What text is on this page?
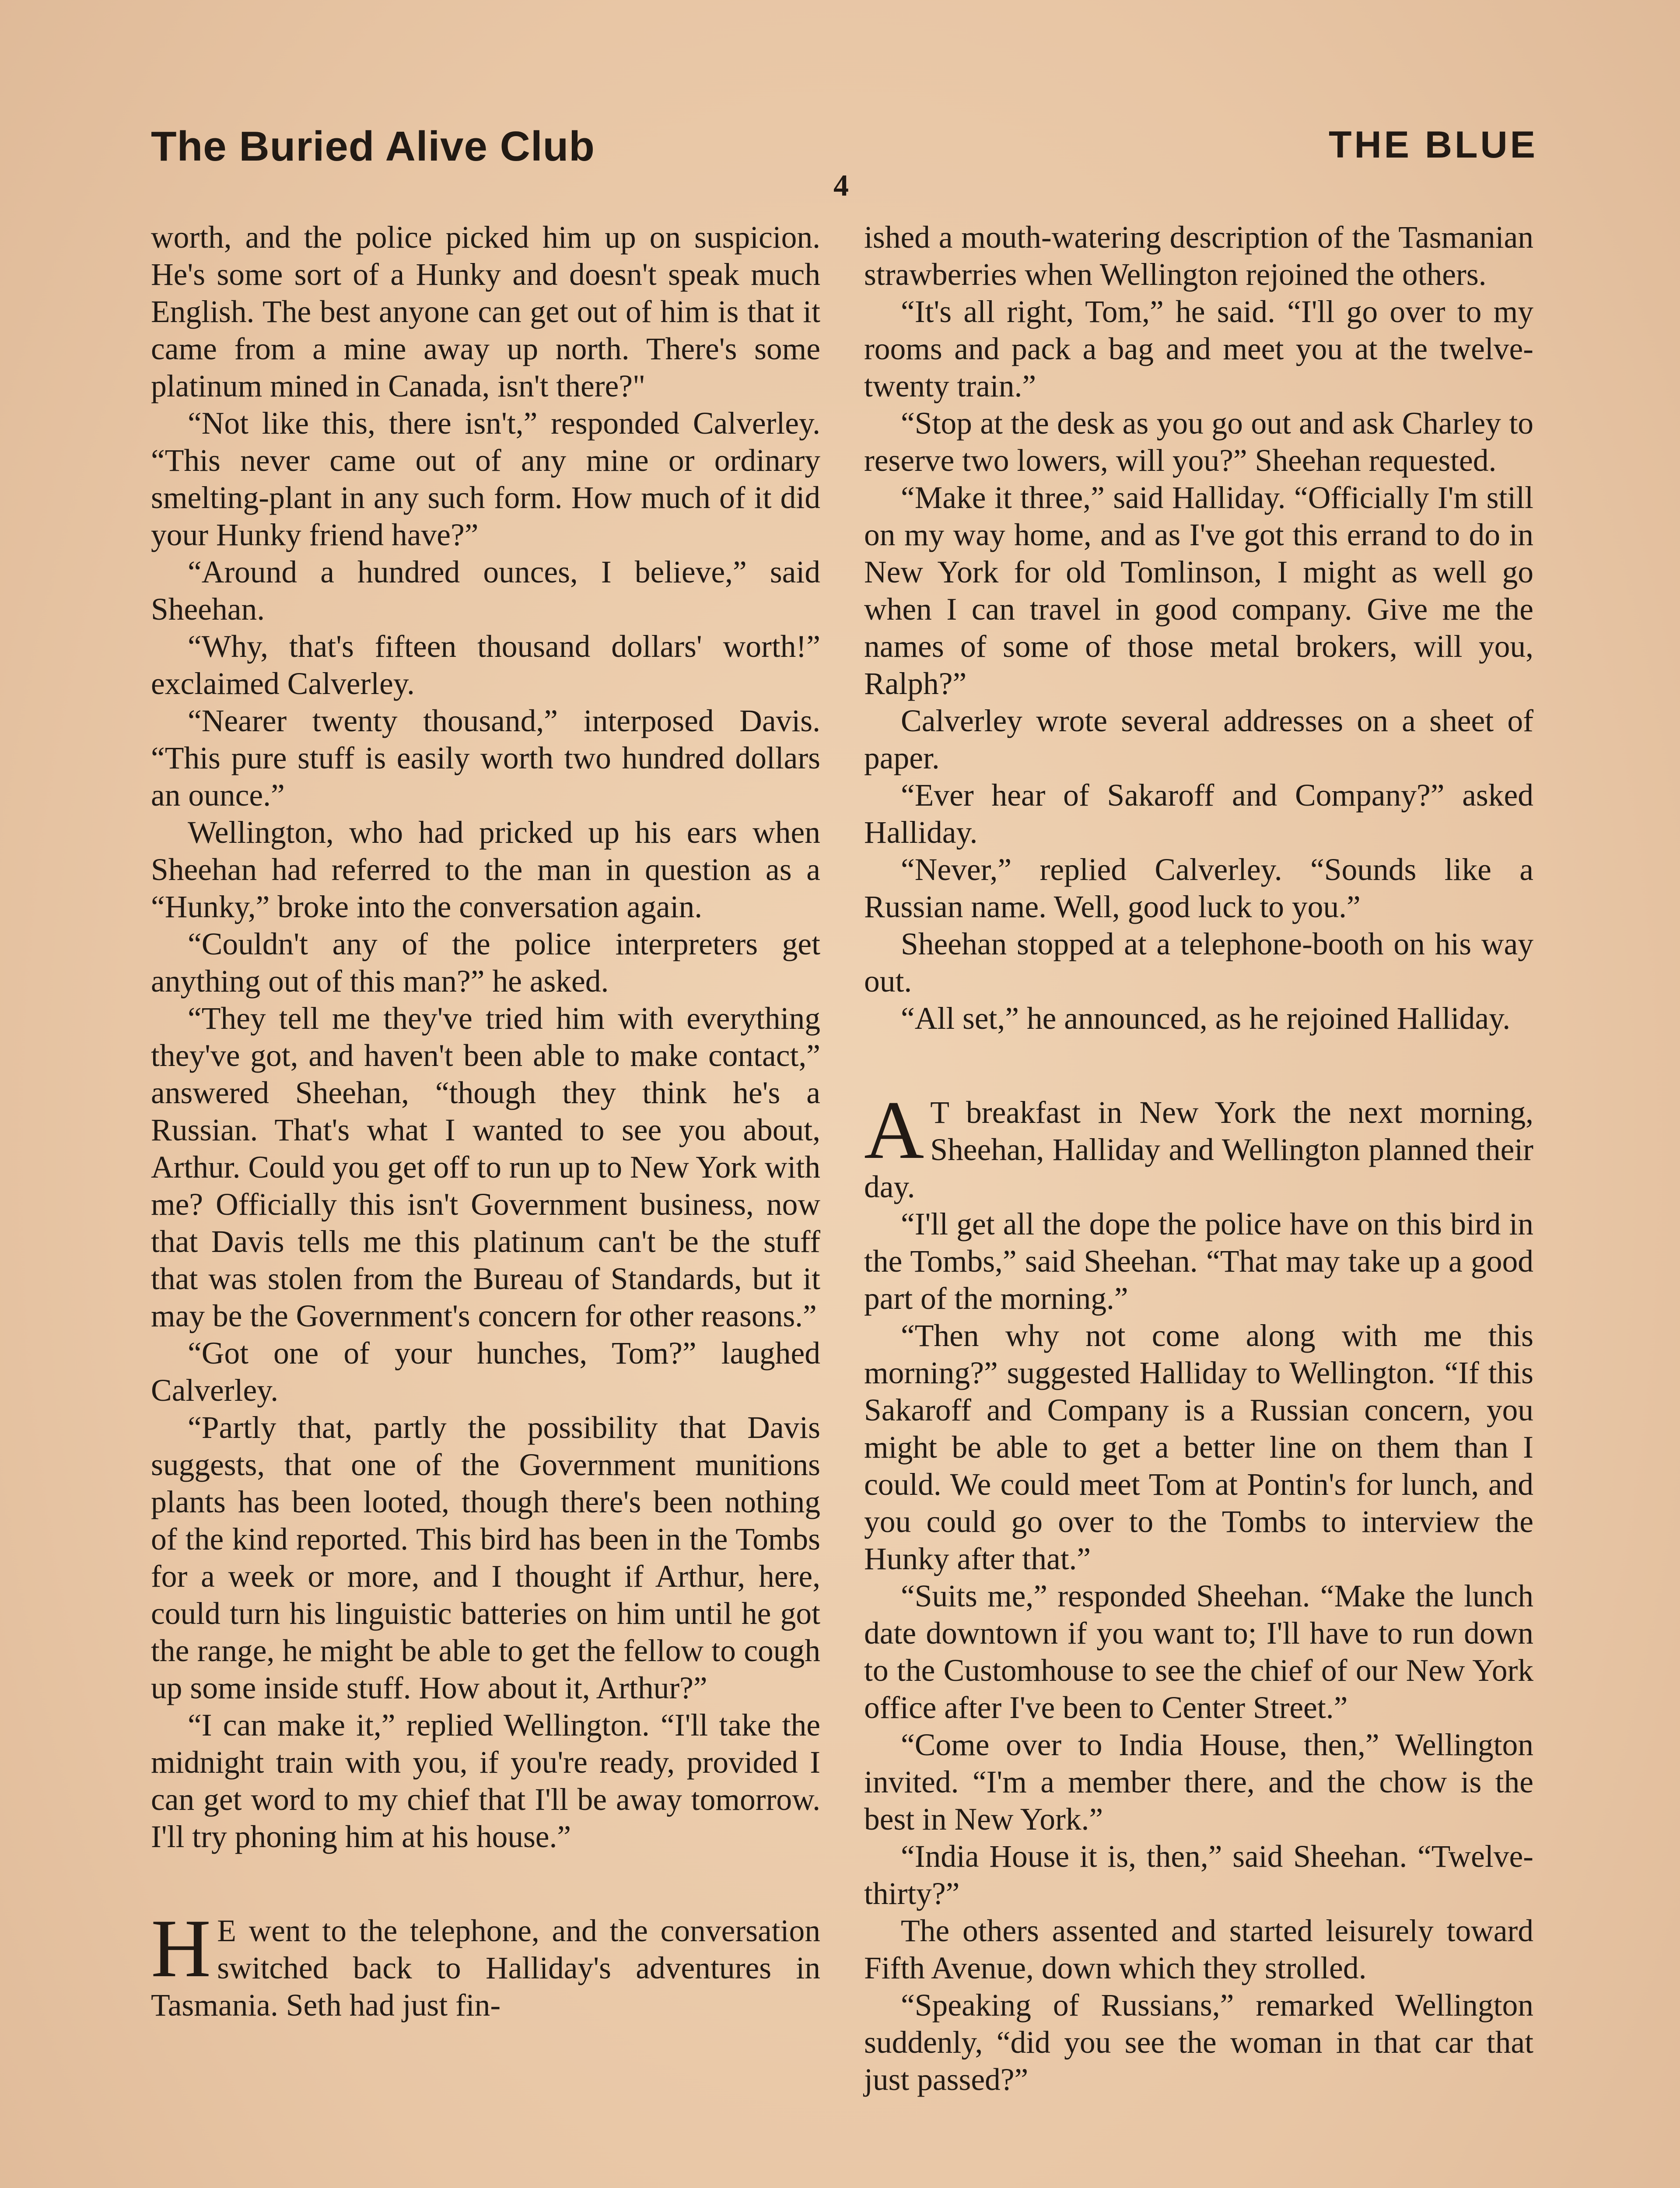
The Buried Alive Club
4
THE BLUE

worth, and the police picked him up on suspicion. He's some sort of a Hunky and doesn't speak much English. The best anyone can get out of him is that it came from a mine away up north. There's some platinum mined in Canada, isn't there?"

“Not like this, there isn't,” responded Calverley. “This never came out of any mine or ordinary smelting-plant in any such form. How much of it did your Hunky friend have?”

“Around a hundred ounces, I believe,” said Sheehan.

“Why, that's fifteen thousand dollars' worth!” exclaimed Calverley.

“Nearer twenty thousand,” interposed Davis. “This pure stuff is easily worth two hundred dollars an ounce.”

Wellington, who had pricked up his ears when Sheehan had referred to the man in question as a “Hunky,” broke into the conversation again.

“Couldn't any of the police interpreters get anything out of this man?” he asked.

“They tell me they've tried him with everything they've got, and haven't been able to make contact,” answered Sheehan, “though they think he's a Russian. That's what I wanted to see you about, Arthur. Could you get off to run up to New York with me? Officially this isn't Government business, now that Davis tells me this platinum can't be the stuff that was stolen from the Bureau of Standards, but it may be the Government's concern for other reasons.”

“Got one of your hunches, Tom?” laughed Calverley.

“Partly that, partly the possibility that Davis suggests, that one of the Government munitions plants has been looted, though there's been nothing of the kind reported. This bird has been in the Tombs for a week or more, and I thought if Arthur, here, could turn his linguistic batteries on him until he got the range, he might be able to get the fellow to cough up some inside stuff. How about it, Arthur?”

“I can make it,” replied Wellington. “I'll take the midnight train with you, if you're ready, provided I can get word to my chief that I'll be away tomorrow. I'll try phoning him at his house.”

H E went to the telephone, and the conversation switched back to Halliday's adventures in Tasmania. Seth had just fin-

ished a mouth-watering description of the Tasmanian strawberries when Wellington rejoined the others.

“It's all right, Tom,” he said. “I'll go over to my rooms and pack a bag and meet you at the twelve-twenty train.”

“Stop at the desk as you go out and ask Charley to reserve two lowers, will you?” Sheehan requested.

“Make it three,” said Halliday. “Officially I'm still on my way home, and as I've got this errand to do in New York for old Tomlinson, I might as well go when I can travel in good company. Give me the names of some of those metal brokers, will you, Ralph?”

Calverley wrote several addresses on a sheet of paper.

“Ever hear of Sakaroff and Company?” asked Halliday.

“Never,” replied Calverley. “Sounds like a Russian name. Well, good luck to you.”

Sheehan stopped at a telephone-booth on his way out.

“All set,” he announced, as he rejoined Halliday.

A T breakfast in New York the next morning, Sheehan, Halliday and Wellington planned their day.

“I'll get all the dope the police have on this bird in the Tombs,” said Sheehan. “That may take up a good part of the morning.”

“Then why not come along with me this morning?” suggested Halliday to Wellington. “If this Sakaroff and Company is a Russian concern, you might be able to get a better line on them than I could. We could meet Tom at Pontin's for lunch, and you could go over to the Tombs to interview the Hunky after that.”

“Suits me,” responded Sheehan. “Make the lunch date downtown if you want to; I'll have to run down to the Customhouse to see the chief of our New York office after I've been to Center Street.”

“Come over to India House, then,” Wellington invited. “I'm a member there, and the chow is the best in New York.”

“India House it is, then,” said Sheehan. “Twelve-thirty?”

The others assented and started leisurely toward Fifth Avenue, down which they strolled.

“Speaking of Russians,” remarked Wellington suddenly, “did you see the woman in that car that just passed?”
